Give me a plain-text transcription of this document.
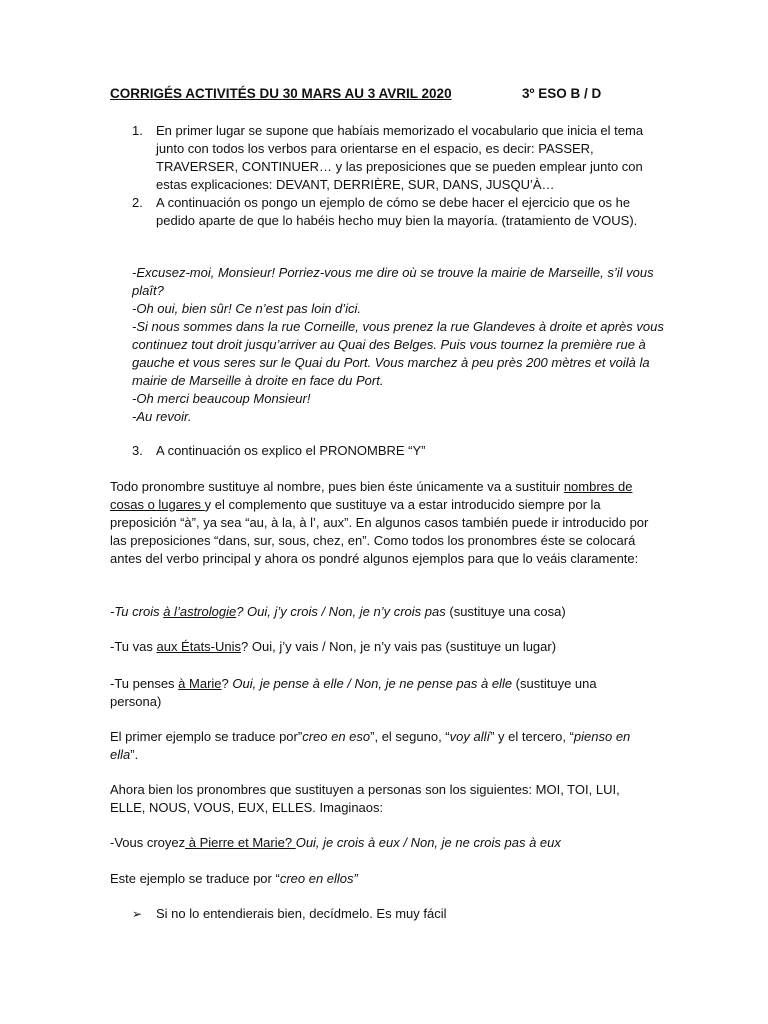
CORRIGÉS ACTIVITÉS DU 30 MARS AU 3 AVRIL 2020	3º ESO B / D
1. En primer lugar se supone que habíais memorizado el vocabulario que inicia el tema junto con todos los verbos para orientarse en el espacio, es decir: PASSER, TRAVERSER, CONTINUER… y las preposiciones que se pueden emplear junto con estas explicaciones: DEVANT, DERRIÈRE, SUR, DANS, JUSQU’À…
2. A continuación os pongo un ejemplo de cómo se debe hacer el ejercicio que os he pedido aparte de que lo habéis hecho muy bien la mayoría. (tratamiento de VOUS).

-Excusez-moi, Monsieur! Porriez-vous me dire où se trouve la mairie de Marseille, s’il vous plaît?

-Oh oui, bien sûr! Ce n’est pas loin d’ici.

-Si nous sommes dans la rue Corneille, vous prenez la rue Glandeves à droite et après vous continuez tout droit jusqu’arriver au Quai des Belges. Puis vous tournez la première rue à gauche et vous seres sur le Quai du Port. Vous marchez à peu près 200 mètres et voilà la mairie de Marseille à droite en face du Port.

-Oh merci beaucoup Monsieur!

-Au revoir.

3. A continuación os explico el PRONOMBRE “Y”

Todo pronombre sustituye al nombre, pues bien éste únicamente va a sustituir nombres de cosas o lugares y el complemento que sustituye va a estar introducido siempre por la preposición “à”, ya sea “au, à la, à l’, aux”. En algunos casos también puede ir introducido por las preposiciones “dans, sur, sous, chez, en”. Como todos los pronombres éste se colocará antes del verbo principal y ahora os pondré algunos ejemplos para que lo veáis claramente:

-Tu crois à l’astrologie? Oui, j’y crois / Non, je n’y crois pas (sustituye una cosa)

-Tu vas aux États-Unis? Oui, j’y vais / Non, je n’y vais pas (sustituye un lugar)

-Tu penses à Marie? Oui, je pense à elle / Non, je ne pense pas à elle (sustituye una persona)

El primer ejemplo se traduce por”creo en eso”, el seguno, “voy allí” y el tercero, “pienso en ella”.

Ahora bien los pronombres que sustituyen a personas son los siguientes: MOI, TOI, LUI, ELLE, NOUS, VOUS, EUX, ELLES. Imaginaos:

-Vous croyez à Pierre et Marie? Oui, je crois à eux / Non, je ne crois pas à eux

Este ejemplo se traduce por “creo en ellos”

➢ Si no lo entendierais bien, decídmelo. Es muy fácil
